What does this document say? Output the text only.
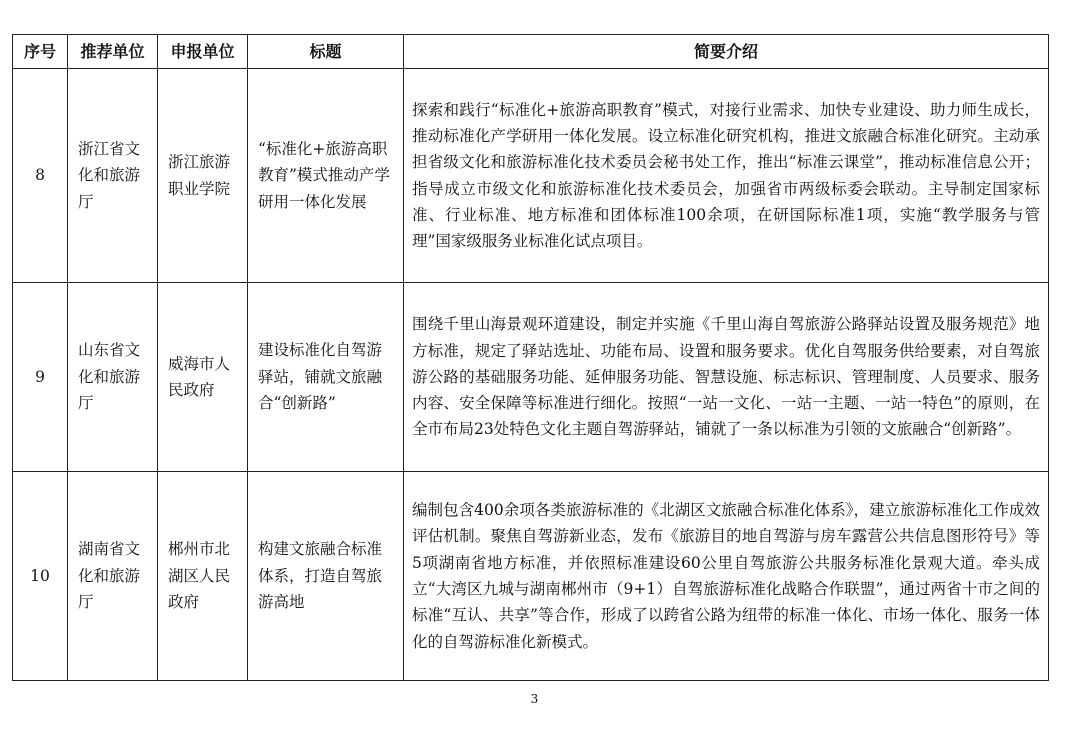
序号	推荐单位	申报单位	标题	简要介绍
8	浙江省文化和旅游厅	浙江旅游职业学院	“标准化+旅游高职教育”模式推动产学研用一体化发展	探索和践行“标准化+旅游高职教育”模式，对接行业需求、加快专业建设、助力师生成长，推动标准化产学研用一体化发展。设立标准化研究机构，推进文旅融合标准化研究。主动承担省级文化和旅游标准化技术委员会秘书处工作，推出“标准云课堂”，推动标准信息公开；指导成立市级文化和旅游标准化技术委员会，加强省市两级标委会联动。主导制定国家标准、行业标准、地方标准和团体标准100余项，在研国际标准1项，实施“教学服务与管理”国家级服务业标准化试点项目。
9	山东省文化和旅游厅	威海市人民政府	建设标准化自驾游驿站，铺就文旅融合“创新路”	围绕千里山海景观环道建设，制定并实施《千里山海自驾旅游公路驿站设置及服务规范》地方标准，规定了驿站选址、功能布局、设置和服务要求。优化自驾服务供给要素，对自驾旅游公路的基础服务功能、延伸服务功能、智慧设施、标志标识、管理制度、人员要求、服务内容、安全保障等标准进行细化。按照“一站一文化、一站一主题、一站一特色”的原则，在全市布局23处特色文化主题自驾游驿站，铺就了一条以标准为引领的文旅融合“创新路”。
10	湖南省文化和旅游厅	郴州市北湖区人民政府	构建文旅融合标准体系，打造自驾旅游高地	编制包含400余项各类旅游标准的《北湖区文旅融合标准化体系》，建立旅游标准化工作成效评估机制。聚焦自驾游新业态，发布《旅游目的地自驾游与房车露营公共信息图形符号》等5项湖南省地方标准，并依照标准建设60公里自驾旅游公共服务标准化景观大道。牵头成立“大湾区九城与湖南郴州市（9+1）自驾旅游标准化战略合作联盟”，通过两省十市之间的标准“互认、共享”等合作，形成了以跨省公路为纽带的标准一体化、市场一体化、服务一体化的自驾游标准化新模式。
3
